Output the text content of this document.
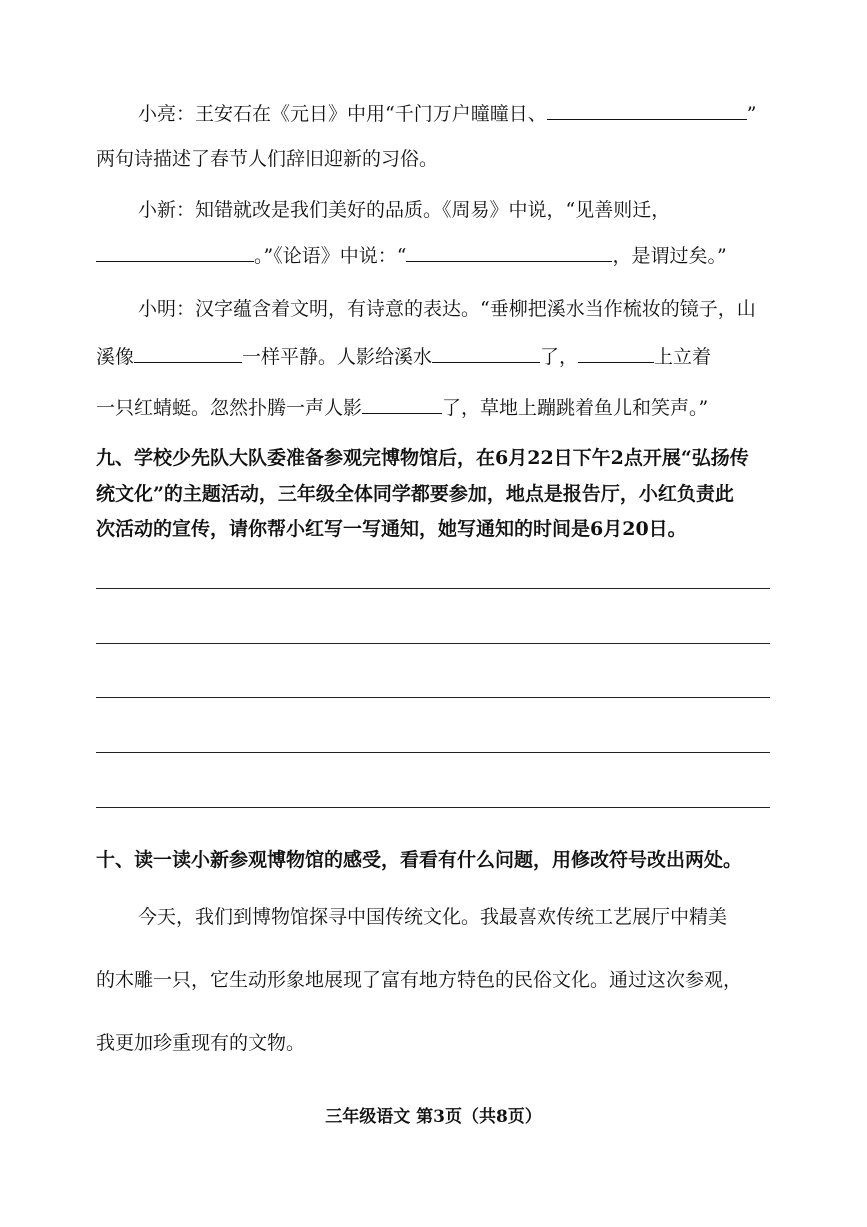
小亮：王安石在《元日》中用“千门万户曈曈日、	”
两句诗描述了春节人们辞旧迎新的习俗。
小新：知错就改是我们美好的品质。《周易》中说，“见善则迁，
。”《论语》中说：“	，是谓过矣。”
小明：汉字蕴含着文明，有诗意的表达。“垂柳把溪水当作梳妆的镜子，山
溪像	一样平静。人影给溪水	了，	上立着
一只红蜻蜓。忽然扑腾一声人影	了，草地上蹦跳着鱼儿和笑声。”
九、学校少先队大队委准备参观完博物馆后，在6月22日下午2点开展“弘扬传
统文化”的主题活动，三年级全体同学都要参加，地点是报告厅，小红负责此
次活动的宣传，请你帮小红写一写通知，她写通知的时间是6月20日。
十、读一读小新参观博物馆的感受，看看有什么问题，用修改符号改出两处。
今天，我们到博物馆探寻中国传统文化。我最喜欢传统工艺展厅中精美
的木雕一只，它生动形象地展现了富有地方特色的民俗文化。通过这次参观，
我更加珍重现有的文物。
三年级语文 第3页（共8页）
